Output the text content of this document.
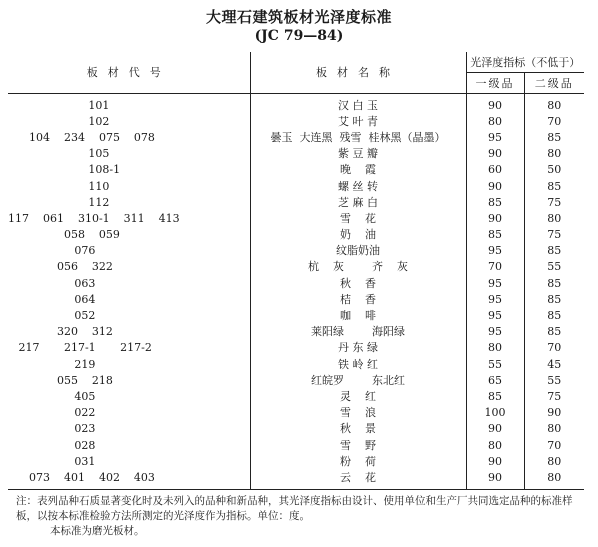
大理石建筑板材光泽度标准
(JC 79—84)
板材代号	板材名称	光泽度指标（不低于）	
		一级品	二级品
101	汉 白 玉	90	80
102	艾 叶 青	80	70
104    234    075    078	曇玉  大连黑  残雪  桂林黑（晶墨）	95	85
105	紫 豆 瓣	90	80
108-1	晚    霞	60	50
110	螺 丝 转	90	85
112	芝 麻 白	85	75
117    061    310-1    311    413	雪    花	90	80
058    059	奶    油	85	75
076	纹脂奶油	95	85
056    322	杭    灰        齐    灰	70	55
063	秋    香	95	85
064	桔    香	95	85
052	咖    啡	95	85
320    312	莱阳绿        海阳绿	95	85
217       217-1       217-2	丹 东 绿	80	70
219	铁 岭 红	55	45
055    218	红皖罗        东北红	65	55
405	灵    红	85	75
022	雪    浪	100	90
023	秋    景	90	80
028	雪    野	80	70
031	粉    荷	90	80
073    401    402    403	云    花	90	80
注：表列品种石质显著变化时及未列入的品种和新品种，其光泽度指标由设计、使用单位和生产厂共同选定品种的标准样板，以按本标准检验方法所测定的光泽度作为指标。单位：度。
本标准为磨光板材。
